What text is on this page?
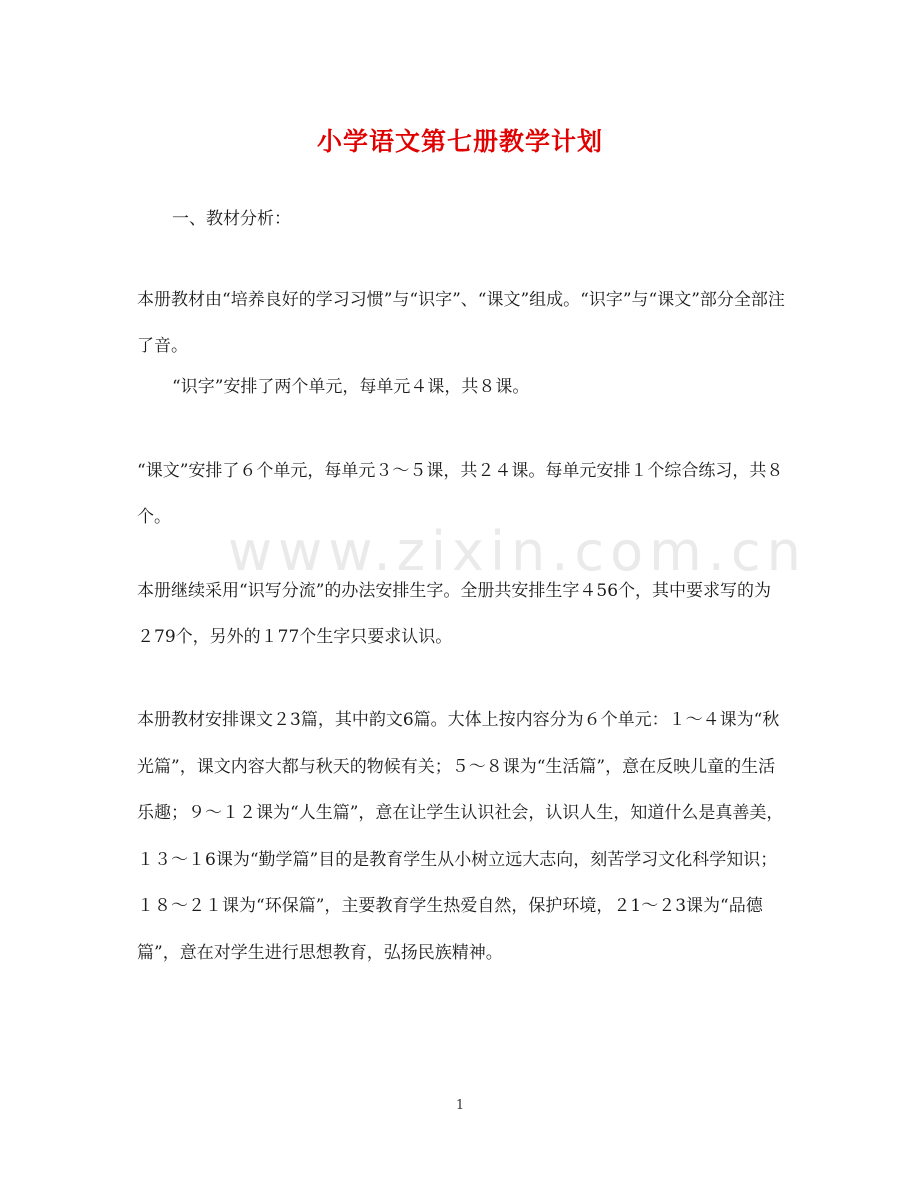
小学语文第七册教学计划
www.zixin.com.cn

一、教材分析：

本册教材由“培养良好的学习习惯”与“识字”、“课文”组成。“识字”与“课文”部分全部注了音。

“识字”安排了两个单元，每单元４课，共８课。

“课文”安排了６个单元，每单元３～５课，共２４课。每单元安排１个综合练习，共８个。

本册继续采用“识写分流”的办法安排生字。全册共安排生字４56个，其中要求写的为２79个，另外的１77个生字只要求认识。

本册教材安排课文２3篇，其中韵文6篇。大体上按内容分为６个单元：１～４课为“秋光篇”，课文内容大都与秋天的物候有关；５～８课为“生活篇”，意在反映儿童的生活乐趣；９～１２课为“人生篇”，意在让学生认识社会，认识人生，知道什么是真善美，１３～１6课为“勤学篇”目的是教育学生从小树立远大志向，刻苦学习文化科学知识；１８～２１课为“环保篇”，主要教育学生热爱自然，保护环境，２1～２3课为“品德篇”，意在对学生进行思想教育，弘扬民族精神。

1
